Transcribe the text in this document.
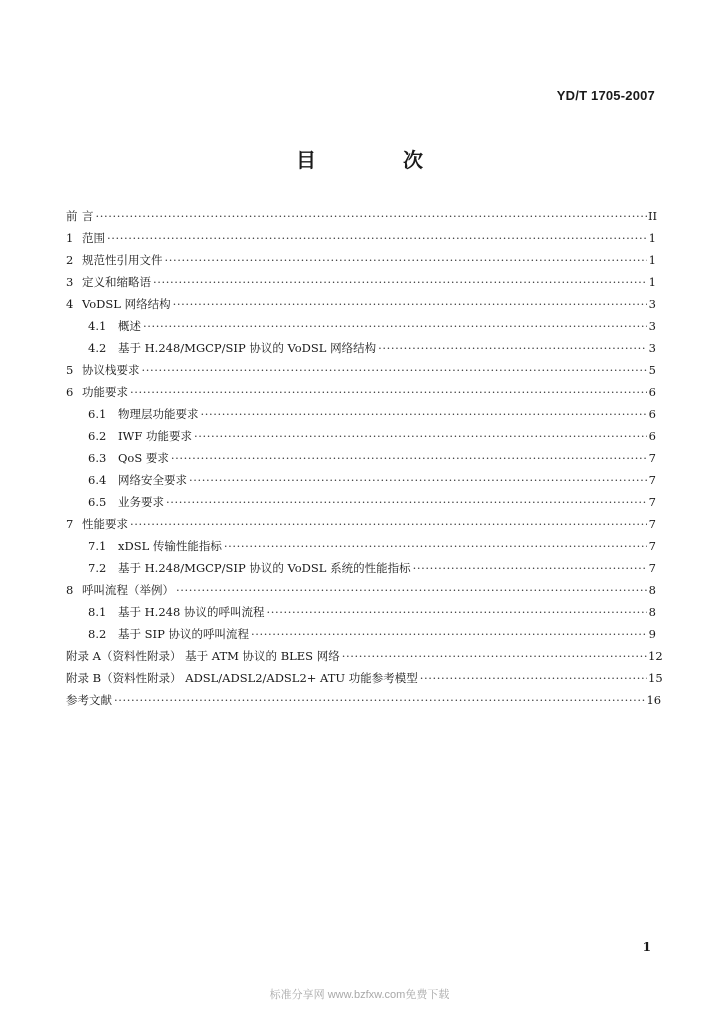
YD/T 1705-2007
目 次
前 言 ·····	II
1 范围 ·····	1
2 规范性引用文件 ·····	1
3 定义和缩略语 ·····	1
4 VoDSL 网络结构 ·····	3
4.1	概述 ·····	3
4.2	基于 H.248/MGCP/SIP 协议的 VoDSL 网络结构 ·····	3
5 协议栈要求 ·····	5
6 功能要求 ·····	6
6.1	物理层功能要求 ·····	6
6.2	IWF 功能要求 ·····	6
6.3	QoS 要求 ·····	7
6.4	网络安全要求 ·····	7
6.5	业务要求 ·····	7
7 性能要求 ·····	7
7.1	xDSL 传输性能指标 ·····	7
7.2	基于 H.248/MGCP/SIP 协议的 VoDSL 系统的性能指标 ·····	7
8 呼叫流程（举例） ·····	8
8.1	基于 H.248 协议的呼叫流程 ·····	8
8.2	基于 SIP 协议的呼叫流程 ·····	9
附录 A（资料性附录） 基于 ATM 协议的 BLES 网络 ·····	12
附录 B（资料性附录） ADSL/ADSL2/ADSL2+ ATU 功能参考模型 ·····	15
参考文献 ·····	16
1
标准分享网 www.bzfxw.com免费下载
